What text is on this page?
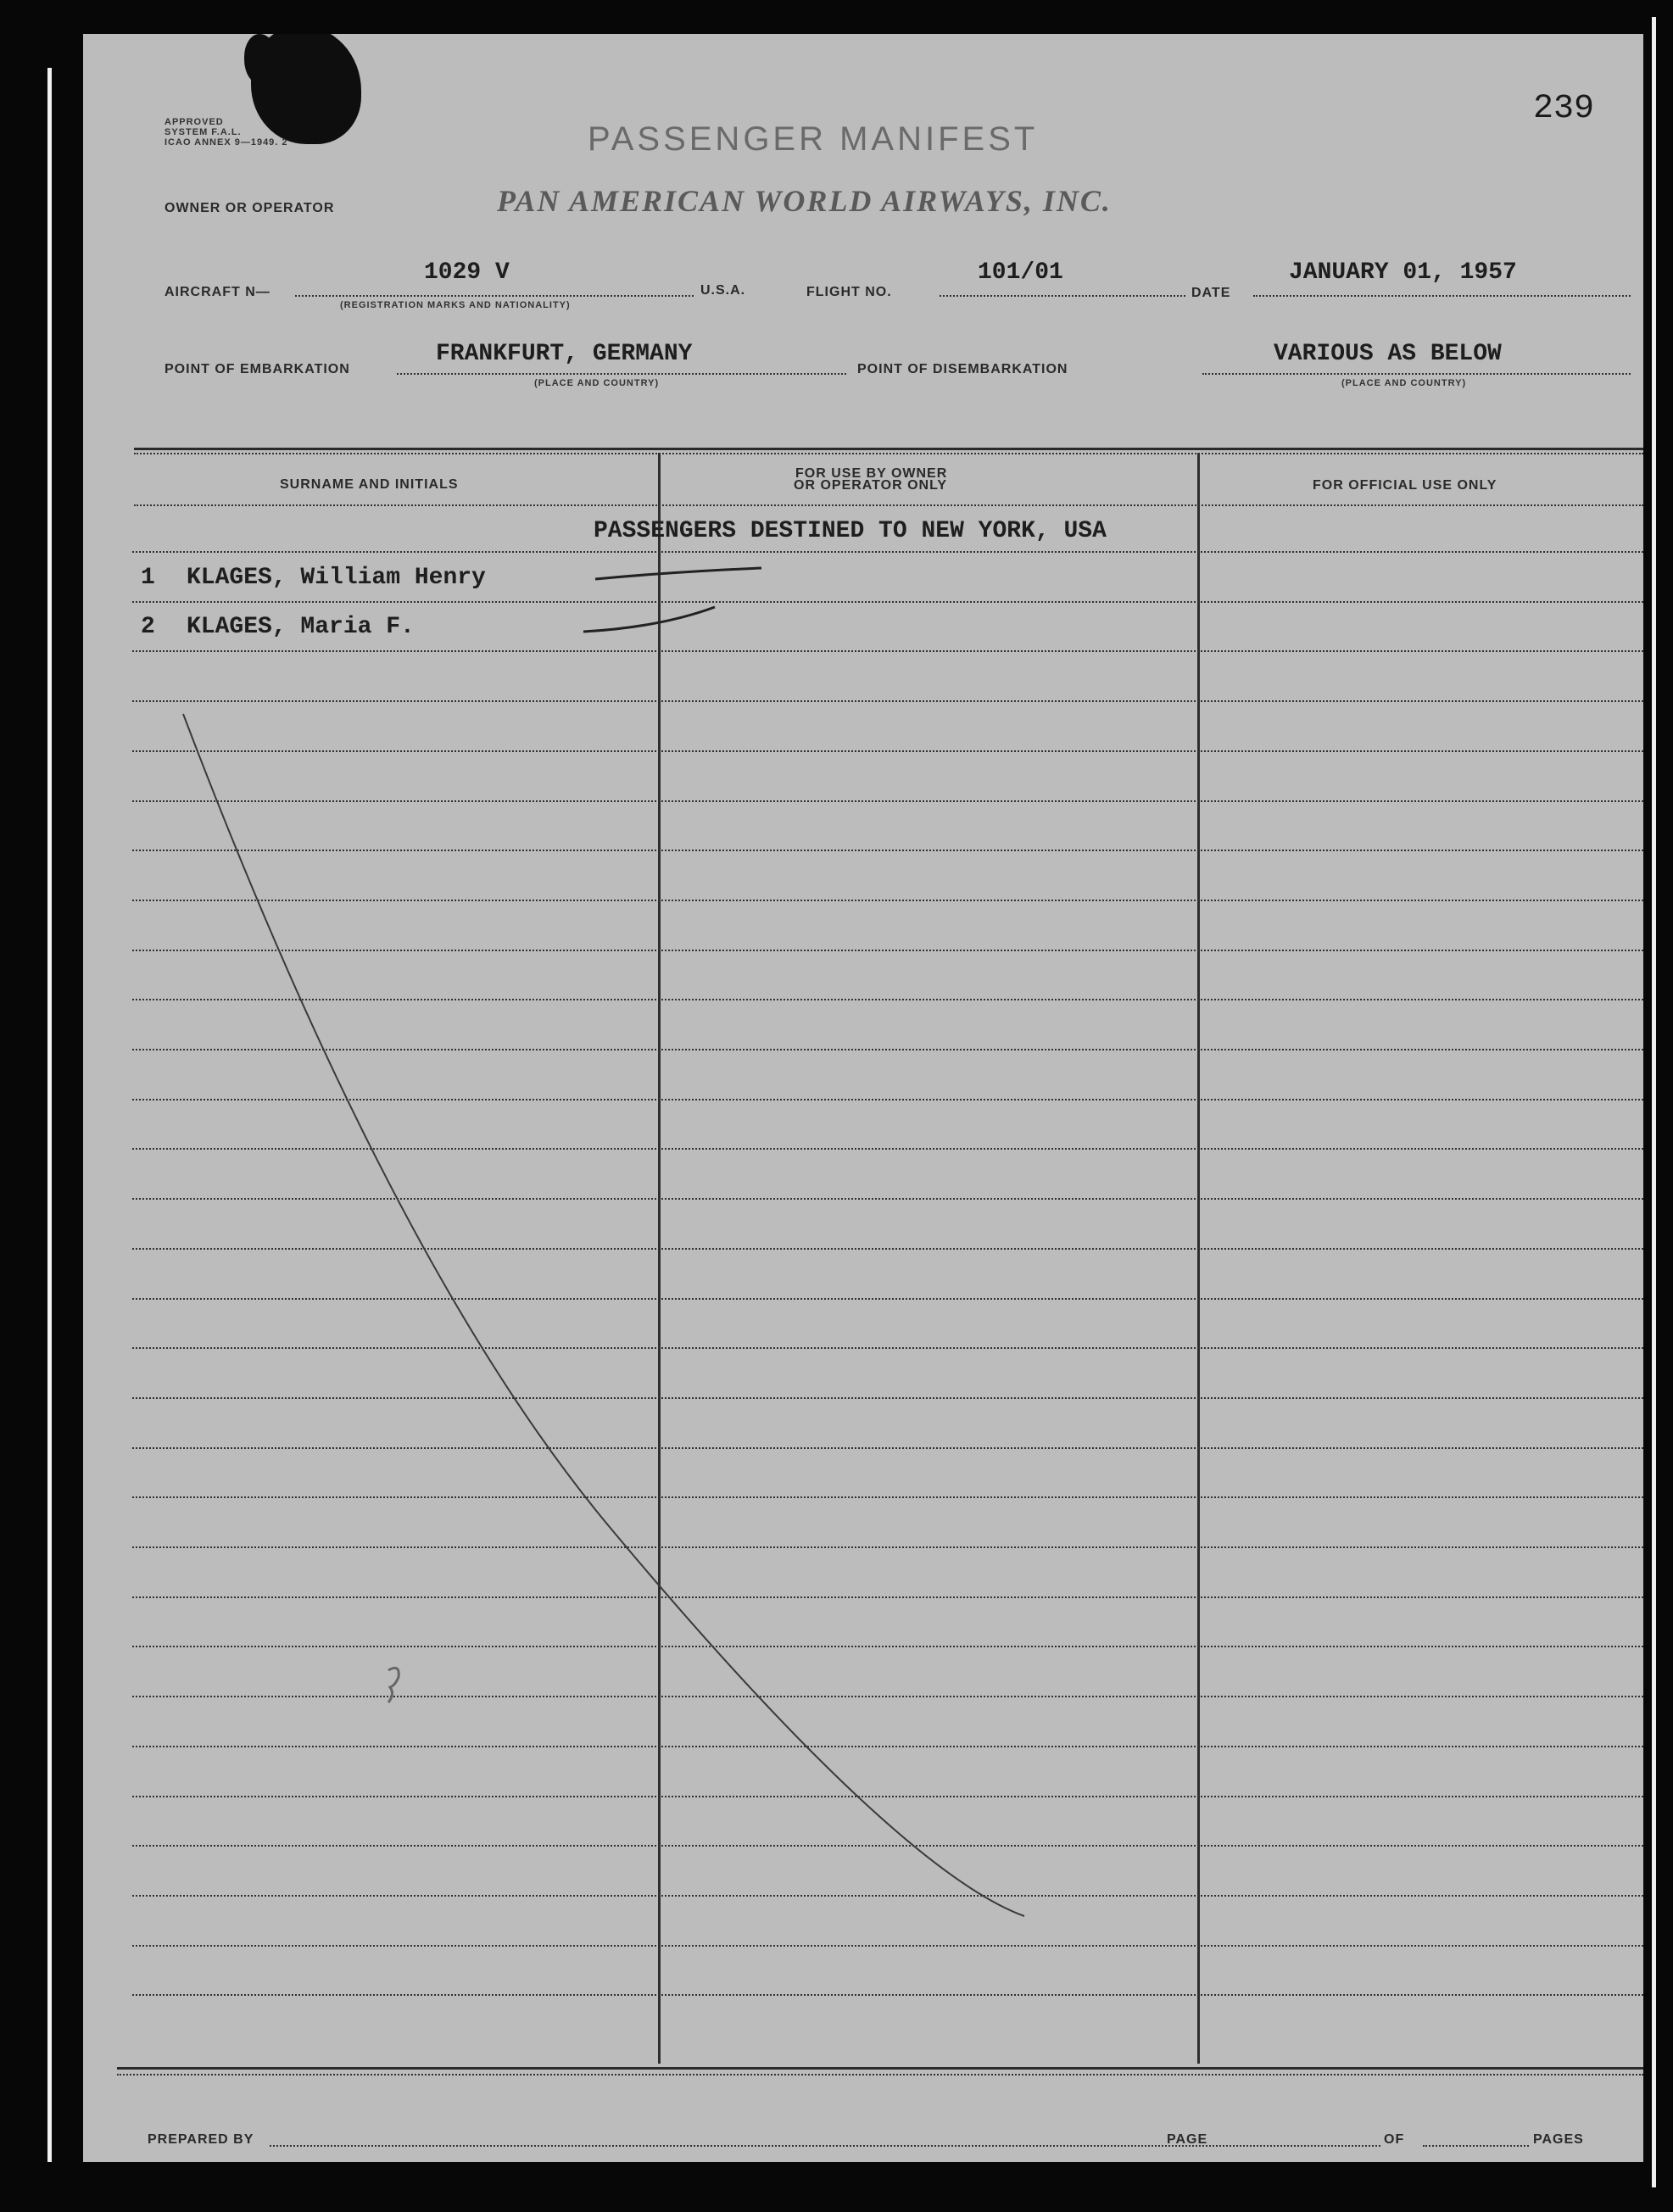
APPROVED
SYSTEM F.A.L.
ICAO ANNEX 9—1949. 2
239
PASSENGER MANIFEST
OWNER OR OPERATOR	PAN AMERICAN WORLD AIRWAYS, INC.
AIRCRAFT N—
1029 V
(REGISTRATION MARKS AND NATIONALITY)
U.S.A.	FLIGHT NO.
101/01
DATE
JANUARY 01, 1957
POINT OF EMBARKATION
FRANKFURT, GERMANY
(PLACE AND COUNTRY)
POINT OF DISEMBARKATION
VARIOUS AS BELOW
(PLACE AND COUNTRY)
SURNAME AND INITIALS
FOR USE BY OWNER
OR OPERATOR ONLY	FOR OFFICIAL USE ONLY
PASSENGERS DESTINED TO NEW YORK, USA
1 KLAGES, William Henry
2 KLAGES, Maria F.
PREPARED BY	PAGE	OF	PAGES
